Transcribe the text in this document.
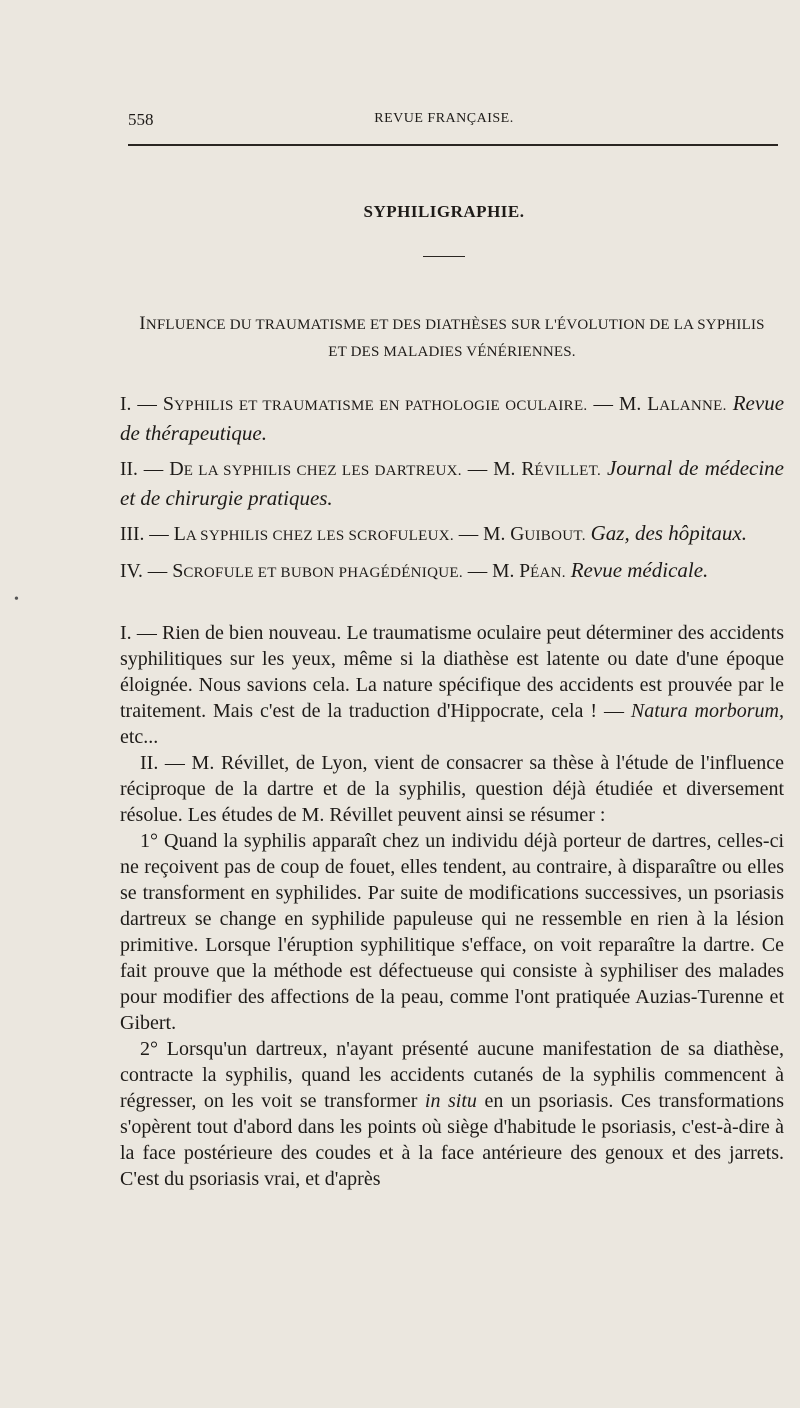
558	REVUE FRANÇAISE.
SYPHILIGRAPHIE.
INFLUENCE DU TRAUMATISME ET DES DIATHÈSES SUR L'ÉVOLUTION DE LA SYPHILIS
ET DES MALADIES VÉNÉRIENNES.

I. — SYPHILIS ET TRAUMATISME EN PATHOLOGIE OCULAIRE. — M. LALANNE. Revue de thérapeutique.

II. — DE LA SYPHILIS CHEZ LES DARTREUX. — M. RÉVILLET. Journal de médecine et de chirurgie pratiques.

III. — LA SYPHILIS CHEZ LES SCROFULEUX. — M. GUIBOUT. Gaz, des hôpitaux.

IV. — SCROFULE ET BUBON PHAGÉDÉNIQUE. — M. PÉAN. Revue médicale.

•

I. — Rien de bien nouveau. Le traumatisme oculaire peut déterminer des accidents syphilitiques sur les yeux, même si la diathèse est latente ou date d'une époque éloignée. Nous savions cela. La nature spécifique des accidents est prouvée par le traitement. Mais c'est de la traduction d'Hippocrate, cela ! — Natura morborum, etc...

II. — M. Révillet, de Lyon, vient de consacrer sa thèse à l'étude de l'influence réciproque de la dartre et de la syphilis, question déjà étudiée et diversement résolue. Les études de M. Révillet peuvent ainsi se résumer :

1° Quand la syphilis apparaît chez un individu déjà porteur de dartres, celles-ci ne reçoivent pas de coup de fouet, elles tendent, au contraire, à disparaître ou elles se transforment en syphilides. Par suite de modifications successives, un psoriasis dartreux se change en syphilide papuleuse qui ne ressemble en rien à la lésion primitive. Lorsque l'éruption syphilitique s'efface, on voit reparaître la dartre. Ce fait prouve que la méthode est défectueuse qui consiste à syphiliser des malades pour modifier des affections de la peau, comme l'ont pratiquée Auzias-Turenne et Gibert.

2° Lorsqu'un dartreux, n'ayant présenté aucune manifestation de sa diathèse, contracte la syphilis, quand les accidents cutanés de la syphilis commencent à régresser, on les voit se transformer in situ en un psoriasis. Ces transformations s'opèrent tout d'abord dans les points où siège d'habitude le psoriasis, c'est-à-dire à la face postérieure des coudes et à la face antérieure des genoux et des jarrets. C'est du psoriasis vrai, et d'après
